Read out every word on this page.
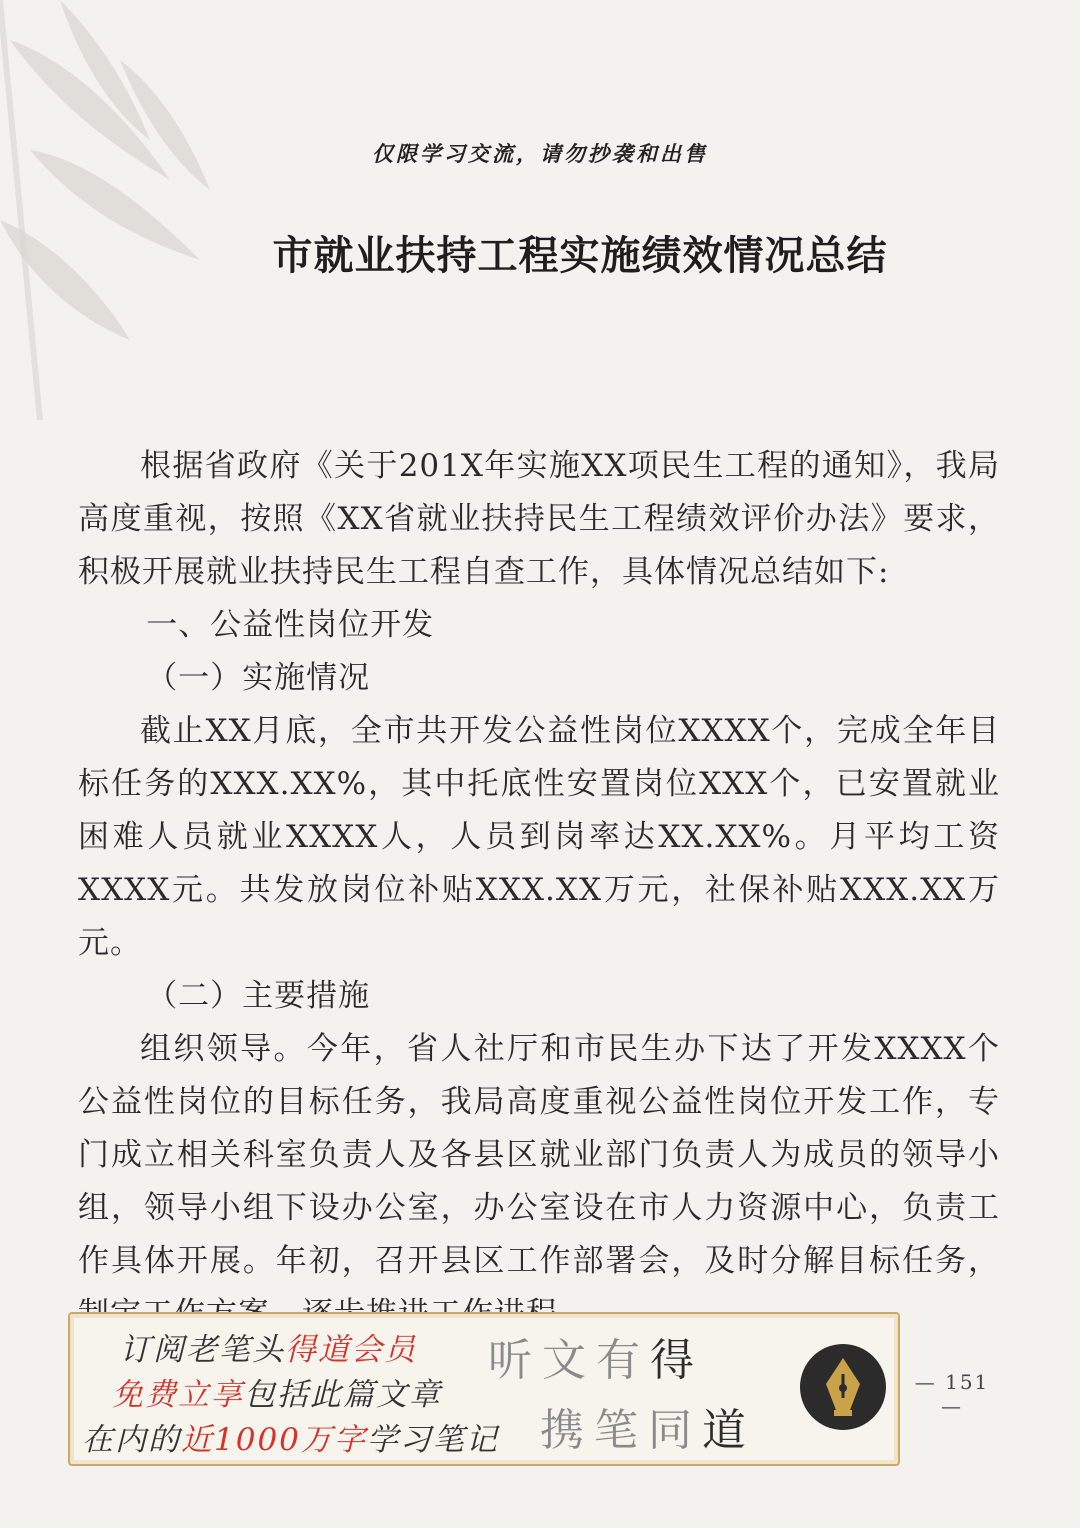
仅限学习交流，请勿抄袭和出售
市就业扶持工程实施绩效情况总结

根据省政府《关于201X年实施XX项民生工程的通知》，我局高度重视，按照《XX省就业扶持民生工程绩效评价办法》要求，积极开展就业扶持民生工程自查工作，具体情况总结如下:

一、公益性岗位开发

（一）实施情况

截止XX月底，全市共开发公益性岗位XXXX个，完成全年目标任务的XXX.XX%，其中托底性安置岗位XXX个，已安置就业困难人员就业XXXX人，人员到岗率达XX.XX%。月平均工资XXXX元。共发放岗位补贴XXX.XX万元，社保补贴XXX.XX万元。

（二）主要措施

组织领导。今年，省人社厅和市民生办下达了开发XXXX个公益性岗位的目标任务，我局高度重视公益性岗位开发工作，专门成立相关科室负责人及各县区就业部门负责人为成员的领导小组，领导小组下设办公室，办公室设在市人力资源中心，负责工作具体开展。年初，召开县区工作部署会，及时分解目标任务，

订阅老笔头得道会员
免费立享包括此篇文章
在内的近1000万字学习笔记
听文有得
携笔同道
— 151 —
